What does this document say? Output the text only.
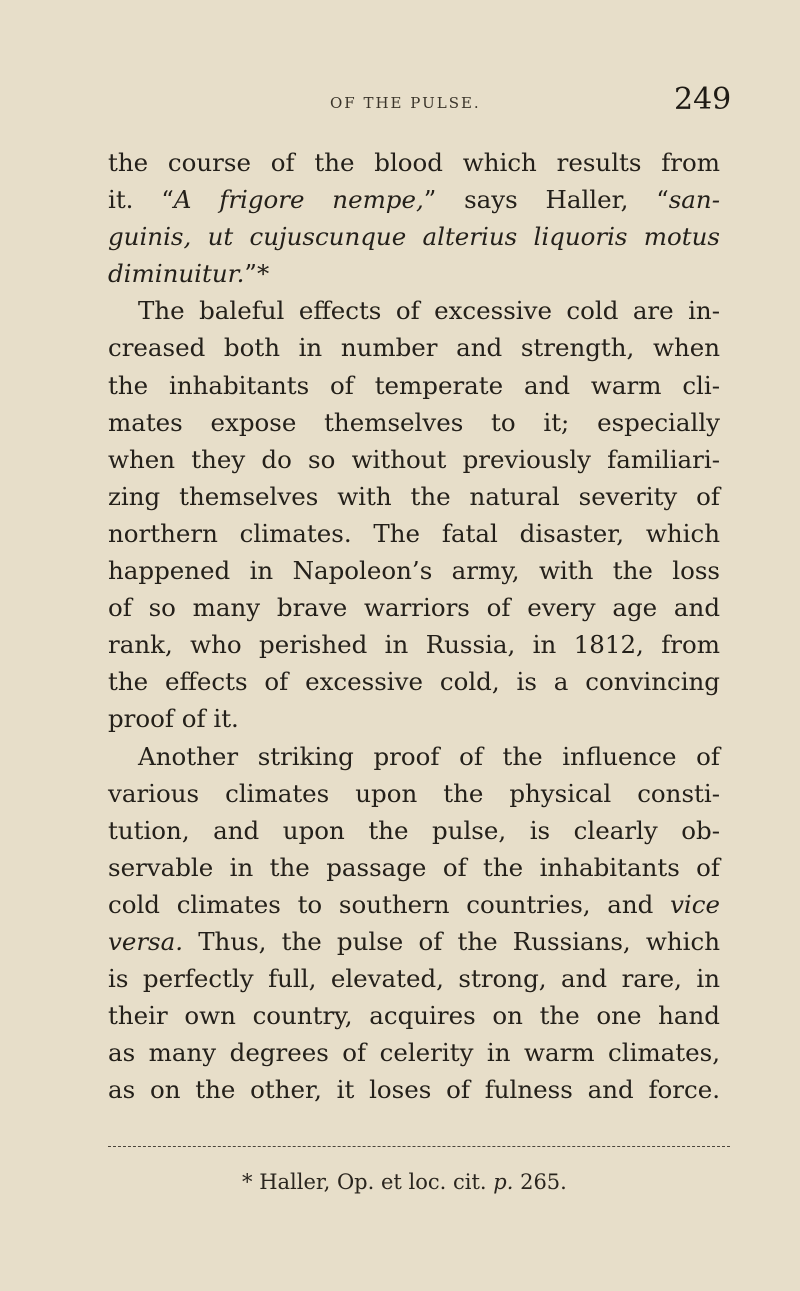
OF THE PULSE.	249

the course of the blood which results from
it. “A frigore nempe,” says Haller, “san-
guinis, ut cujuscunque alterius liquoris motus
diminuitur.”*

The baleful effects of excessive cold are in-

creased both in number and strength, when
the inhabitants of temperate and warm cli-
mates expose themselves to it; especially
when they do so without previously familiari-
zing themselves with the natural severity of
northern climates. The fatal disaster, which
happened in Napoleon’s army, with the loss
of so many brave warriors of every age and
rank, who perished in Russia, in 1812, from
the effects of excessive cold, is a convincing
proof of it.

Another striking proof of the influence of

various climates upon the physical consti-
tution, and upon the pulse, is clearly ob-
servable in the passage of the inhabitants of
cold climates to southern countries, and vice
versa. Thus, the pulse of the Russians, which
is perfectly full, elevated, strong, and rare, in
their own country, acquires on the one hand
as many degrees of celerity in warm climates,
as on the other, it loses of fulness and force.

* Haller, Op. et loc. cit. p. 265.
